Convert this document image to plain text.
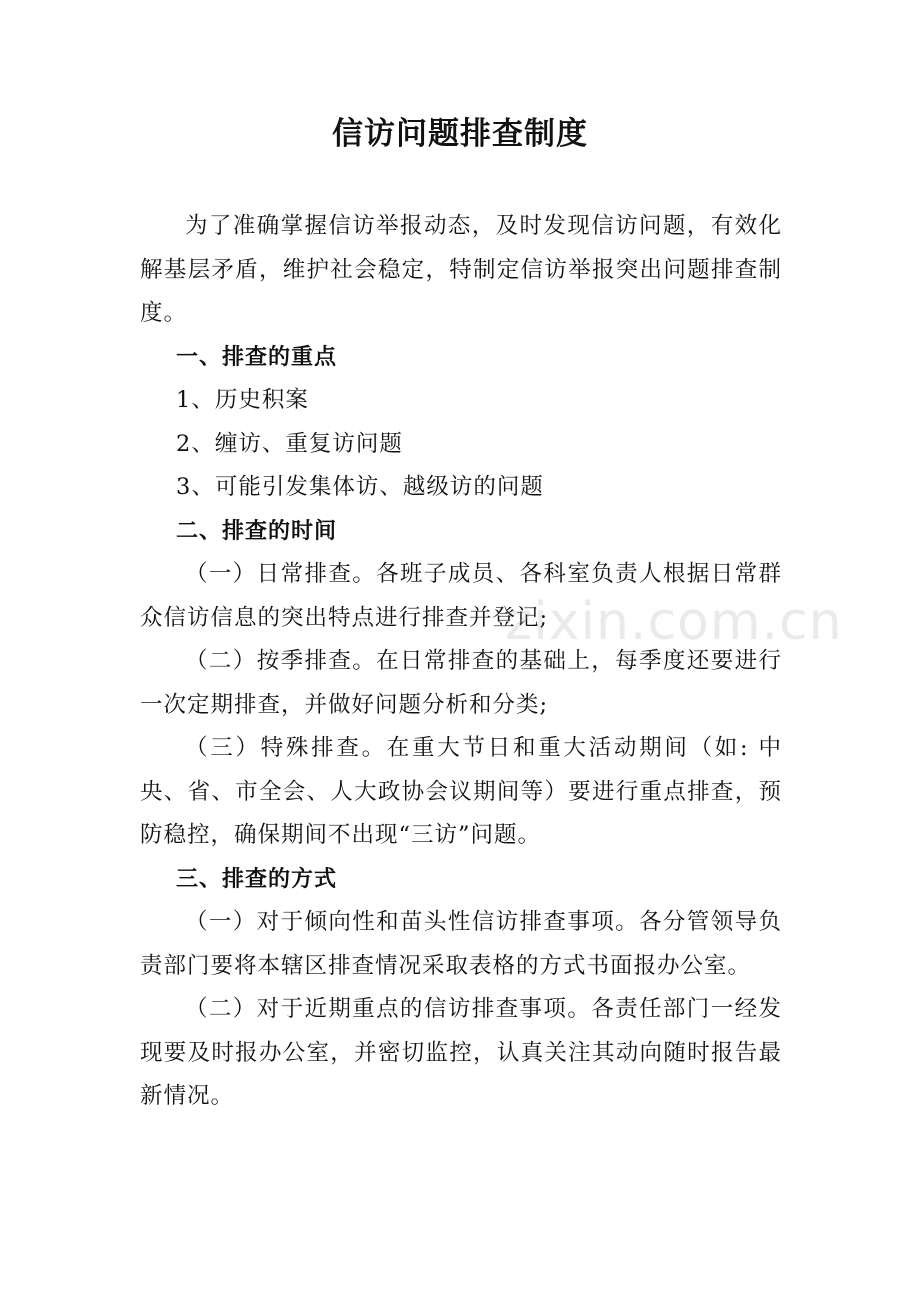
信访问题排查制度

为了准确掌握信访举报动态，及时发现信访问题，有效化解基层矛盾，维护社会稳定，特制定信访举报突出问题排查制度。

一、排查的重点

1、历史积案

2、缠访、重复访问题

3、可能引发集体访、越级访的问题

二、排查的时间

（一）日常排查。各班子成员、各科室负责人根据日常群众信访信息的突出特点进行排查并登记;

（二）按季排查。在日常排查的基础上，每季度还要进行一次定期排查，并做好问题分析和分类;

（三）特殊排查。在重大节日和重大活动期间（如: 中央、省、市全会、人大政协会议期间等）要进行重点排查，预防稳控，确保期间不出现“三访”问题。

三、排查的方式

（一）对于倾向性和苗头性信访排查事项。各分管领导负责部门要将本辖区排查情况采取表格的方式书面报办公室。

（二）对于近期重点的信访排查事项。各责任部门一经发现要及时报办公室，并密切监控，认真关注其动向随时报告最新情况。

zixin.com.cn
